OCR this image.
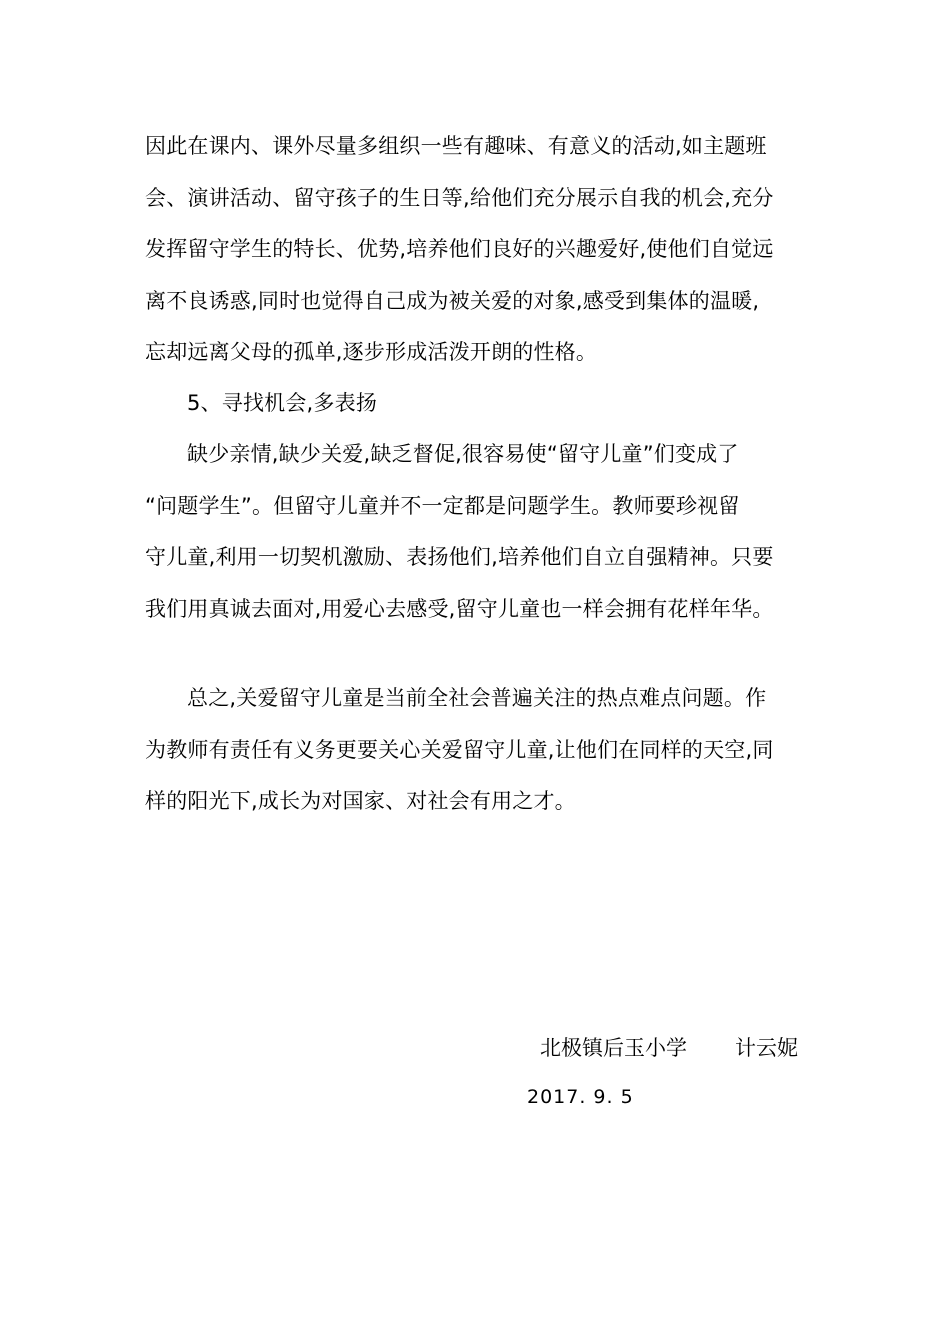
因此在课内、课外尽量多组织一些有趣味、有意义的活动,如主题班
会、演讲活动、留守孩子的生日等,给他们充分展示自我的机会,充分
发挥留守学生的特长、优势,培养他们良好的兴趣爱好,使他们自觉远
离不良诱惑,同时也觉得自己成为被关爱的对象,感受到集体的温暖,
忘却远离父母的孤单,逐步形成活泼开朗的性格。
5、寻找机会,多表扬
缺少亲情,缺少关爱,缺乏督促,很容易使“留守儿童”们变成了
“问题学生”。但留守儿童并不一定都是问题学生。教师要珍视留
守儿童,利用一切契机激励、表扬他们,培养他们自立自强精神。只要
我们用真诚去面对,用爱心去感受,留守儿童也一样会拥有花样年华。
总之,关爱留守儿童是当前全社会普遍关注的热点难点问题。作
为教师有责任有义务更要关心关爱留守儿童,让他们在同样的天空,同
样的阳光下,成长为对国家、对社会有用之才。
北极镇后玉小学 计云妮
2017. 9. 5
